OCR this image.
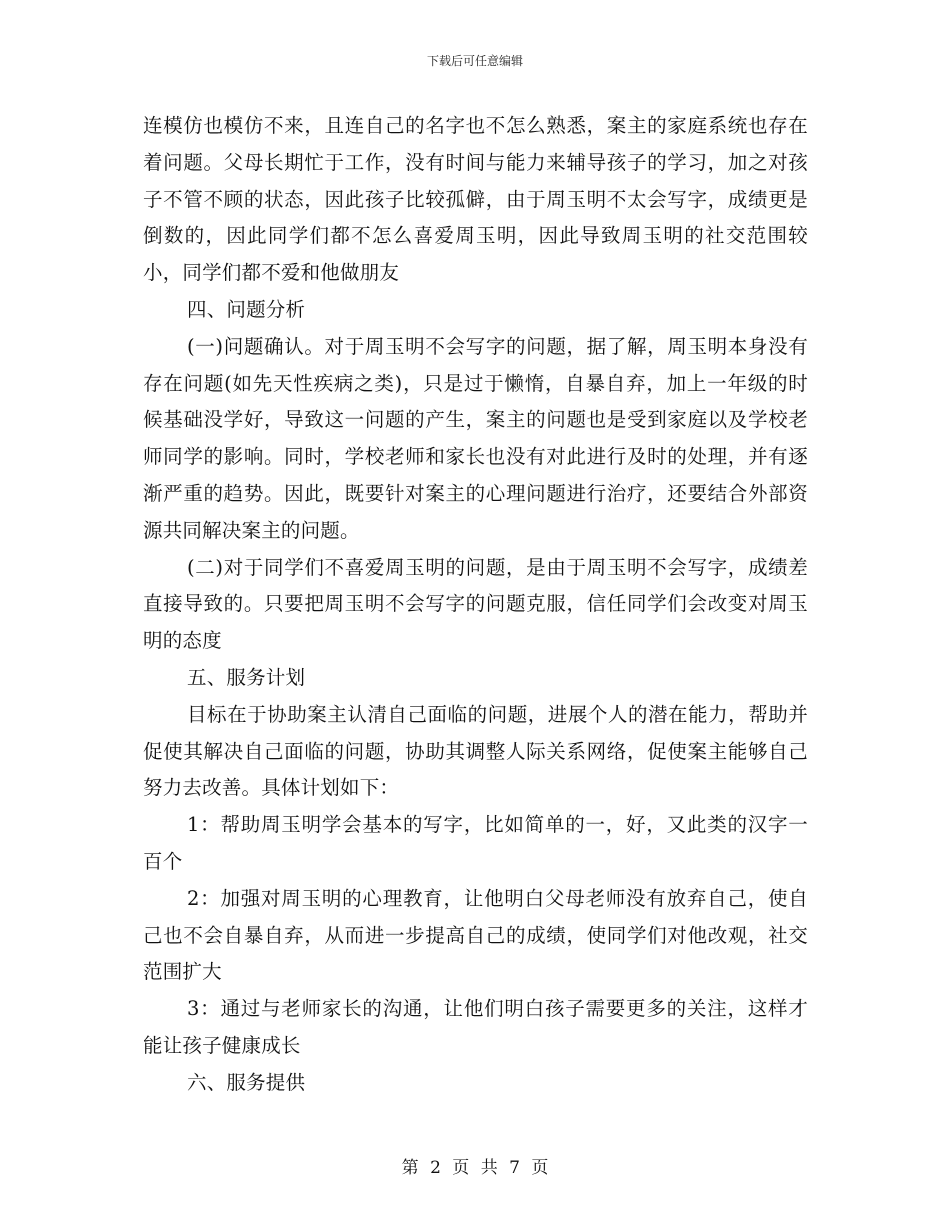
下载后可任意编辑

连模仿也模仿不来，且连自己的名字也不怎么熟悉，案主的家庭系统也存在着问题。父母长期忙于工作，没有时间与能力来辅导孩子的学习，加之对孩子不管不顾的状态，因此孩子比较孤僻，由于周玉明不太会写字，成绩更是倒数的，因此同学们都不怎么喜爱周玉明，因此导致周玉明的社交范围较小，同学们都不爱和他做朋友

四、问题分析

(一)问题确认。对于周玉明不会写字的问题，据了解，周玉明本身没有存在问题(如先天性疾病之类)，只是过于懒惰，自暴自弃，加上一年级的时候基础没学好，导致这一问题的产生，案主的问题也是受到家庭以及学校老师同学的影响。同时，学校老师和家长也没有对此进行及时的处理，并有逐渐严重的趋势。因此，既要针对案主的心理问题进行治疗，还要结合外部资源共同解决案主的问题。

(二)对于同学们不喜爱周玉明的问题，是由于周玉明不会写字，成绩差直接导致的。只要把周玉明不会写字的问题克服，信任同学们会改变对周玉明的态度

五、服务计划

目标在于协助案主认清自己面临的问题，进展个人的潜在能力，帮助并促使其解决自己面临的问题，协助其调整人际关系网络，促使案主能够自己努力去改善。具体计划如下：

1：帮助周玉明学会基本的写字，比如简单的一，好，又此类的汉字一百个

2：加强对周玉明的心理教育，让他明白父母老师没有放弃自己，使自己也不会自暴自弃，从而进一步提高自己的成绩，使同学们对他改观，社交范围扩大

3：通过与老师家长的沟通，让他们明白孩子需要更多的关注，这样才能让孩子健康成长

六、服务提供

第 2 页 共 7 页
